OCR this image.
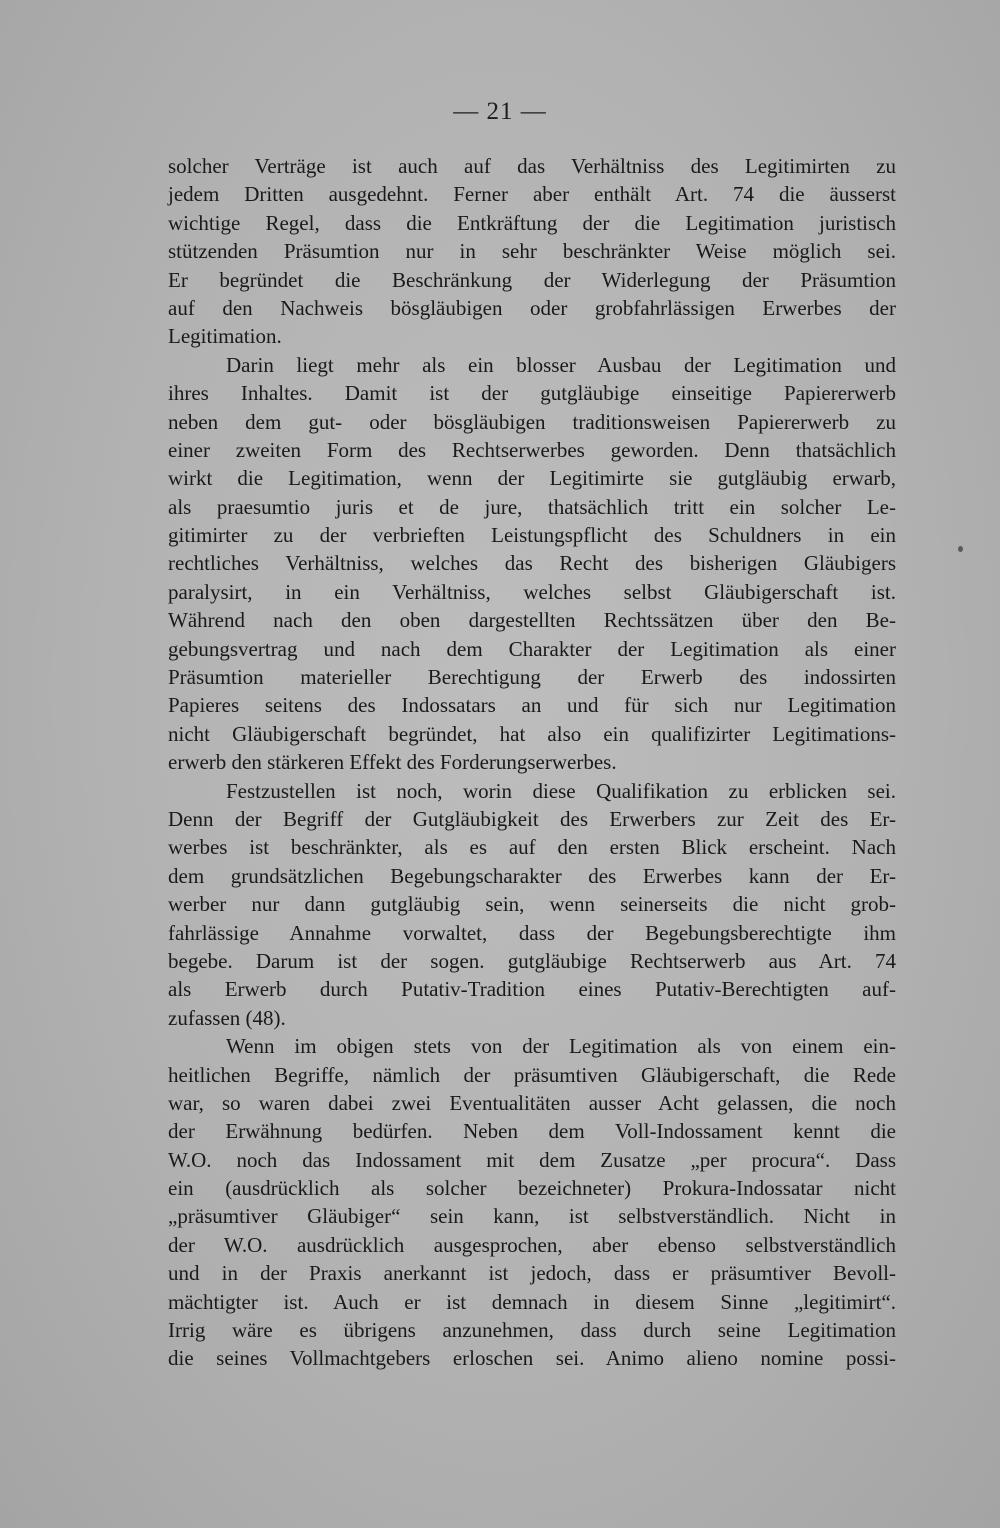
— 21 —
solcher Verträge ist auch auf das Verhältniss des Legitimirten zu
jedem Dritten ausgedehnt. Ferner aber enthält Art. 74 die äusserst
wichtige Regel, dass die Entkräftung der die Legitimation juristisch
stützenden Präsumtion nur in sehr beschränkter Weise möglich sei.
Er begründet die Beschränkung der Widerlegung der Präsumtion
auf den Nachweis bösgläubigen oder grobfahrlässigen Erwerbes der
Legitimation.
Darin liegt mehr als ein blosser Ausbau der Legitimation und
ihres Inhaltes. Damit ist der gutgläubige einseitige Papiererwerb
neben dem gut- oder bösgläubigen traditionsweisen Papiererwerb zu
einer zweiten Form des Rechtserwerbes geworden. Denn thatsächlich
wirkt die Legitimation, wenn der Legitimirte sie gutgläubig erwarb,
als praesumtio juris et de jure, thatsächlich tritt ein solcher Le-
gitimirter zu der verbrieften Leistungspflicht des Schuldners in ein
rechtliches Verhältniss, welches das Recht des bisherigen Gläubigers
paralysirt, in ein Verhältniss, welches selbst Gläubigerschaft ist.
Während nach den oben dargestellten Rechtssätzen über den Be-
gebungsvertrag und nach dem Charakter der Legitimation als einer
Präsumtion materieller Berechtigung der Erwerb des indossirten
Papieres seitens des Indossatars an und für sich nur Legitimation
nicht Gläubigerschaft begründet, hat also ein qualifizirter Legitimations-
erwerb den stärkeren Effekt des Forderungserwerbes.
Festzustellen ist noch, worin diese Qualifikation zu erblicken sei.
Denn der Begriff der Gutgläubigkeit des Erwerbers zur Zeit des Er-
werbes ist beschränkter, als es auf den ersten Blick erscheint. Nach
dem grundsätzlichen Begebungscharakter des Erwerbes kann der Er-
werber nur dann gutgläubig sein, wenn seinerseits die nicht grob-
fahrlässige Annahme vorwaltet, dass der Begebungsberechtigte ihm
begebe. Darum ist der sogen. gutgläubige Rechtserwerb aus Art. 74
als Erwerb durch Putativ-Tradition eines Putativ-Berechtigten auf-
zufassen (48).
Wenn im obigen stets von der Legitimation als von einem ein-
heitlichen Begriffe, nämlich der präsumtiven Gläubigerschaft, die Rede
war, so waren dabei zwei Eventualitäten ausser Acht gelassen, die noch
der Erwähnung bedürfen. Neben dem Voll-Indossament kennt die
W.O. noch das Indossament mit dem Zusatze „per procura“. Dass
ein (ausdrücklich als solcher bezeichneter) Prokura-Indossatar nicht
„präsumtiver Gläubiger“ sein kann, ist selbstverständlich. Nicht in
der W.O. ausdrücklich ausgesprochen, aber ebenso selbstverständlich
und in der Praxis anerkannt ist jedoch, dass er präsumtiver Bevoll-
mächtigter ist. Auch er ist demnach in diesem Sinne „legitimirt“.
Irrig wäre es übrigens anzunehmen, dass durch seine Legitimation
die seines Vollmachtgebers erloschen sei. Animo alieno nomine possi-
